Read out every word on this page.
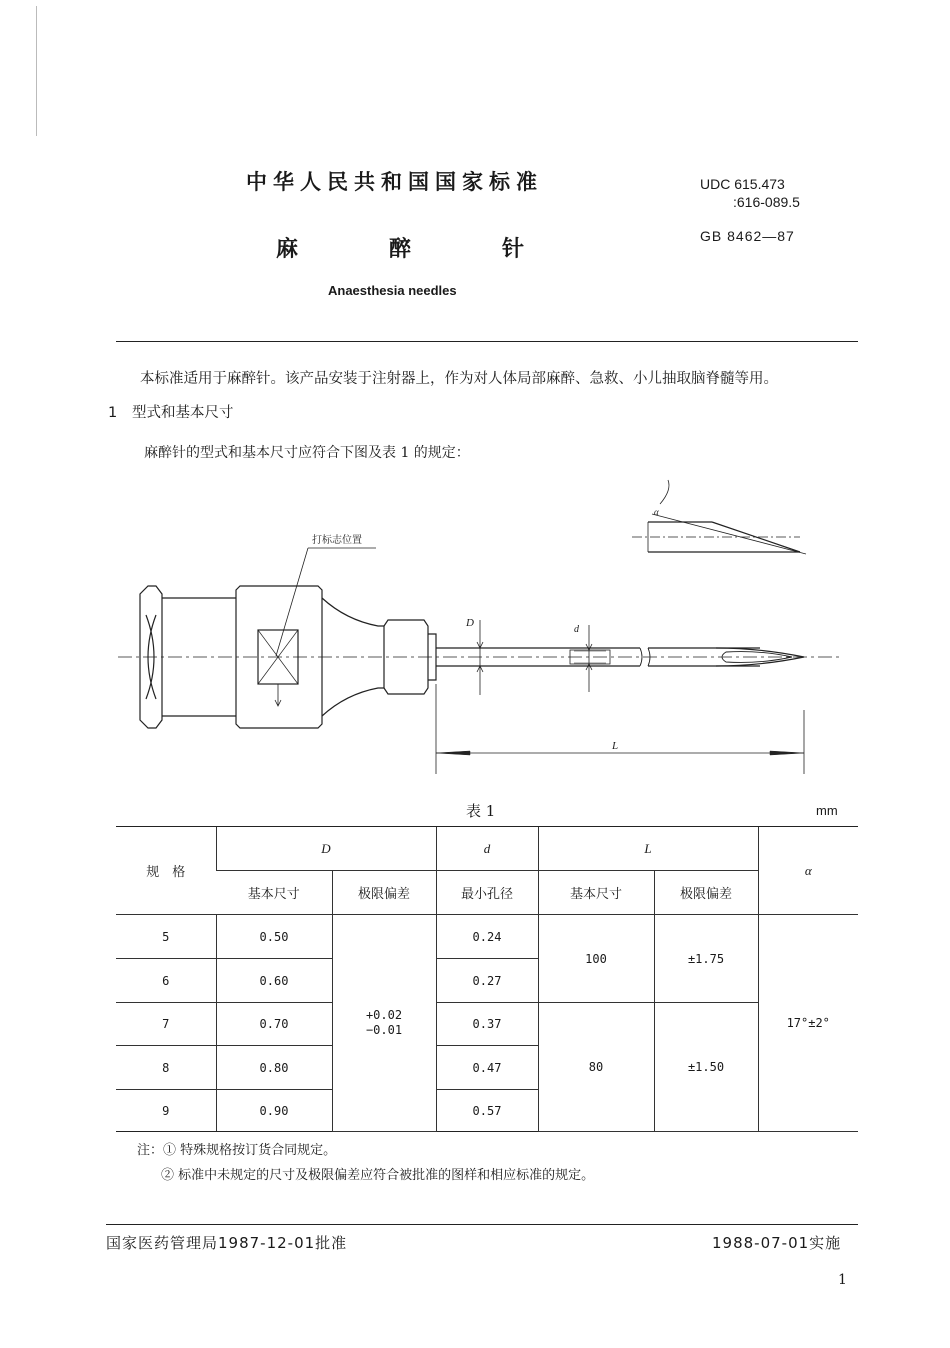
中华人民共和国国家标准	UDC 615.473
:616-089.5
GB 8462—87
麻	醉	针
Anaesthesia needles
本标准适用于麻醉针。该产品安装于注射器上，作为对人体局部麻醉、急救、小儿抽取脑脊髓等用。
1 型式和基本尺寸
麻醉针的型式和基本尺寸应符合下图及表 1 的规定：
α
打标志位置
D
d
L
表 1	mm
规　格	D		d	L		α
	基本尺寸	极限偏差	最小孔径	基本尺寸	极限偏差	
5	0.50	+0.02
−0.01	0.24	100	±1.75	17°±2°
6	0.60		0.27			
7	0.70		0.37	80	±1.50	
8	0.80		0.47			
9	0.90		0.57			
注：① 特殊规格按订货合同规定。
② 标准中未规定的尺寸及极限偏差应符合被批准的图样和相应标准的规定。
国家医药管理局1987-12-01批准	1988-07-01实施
1
